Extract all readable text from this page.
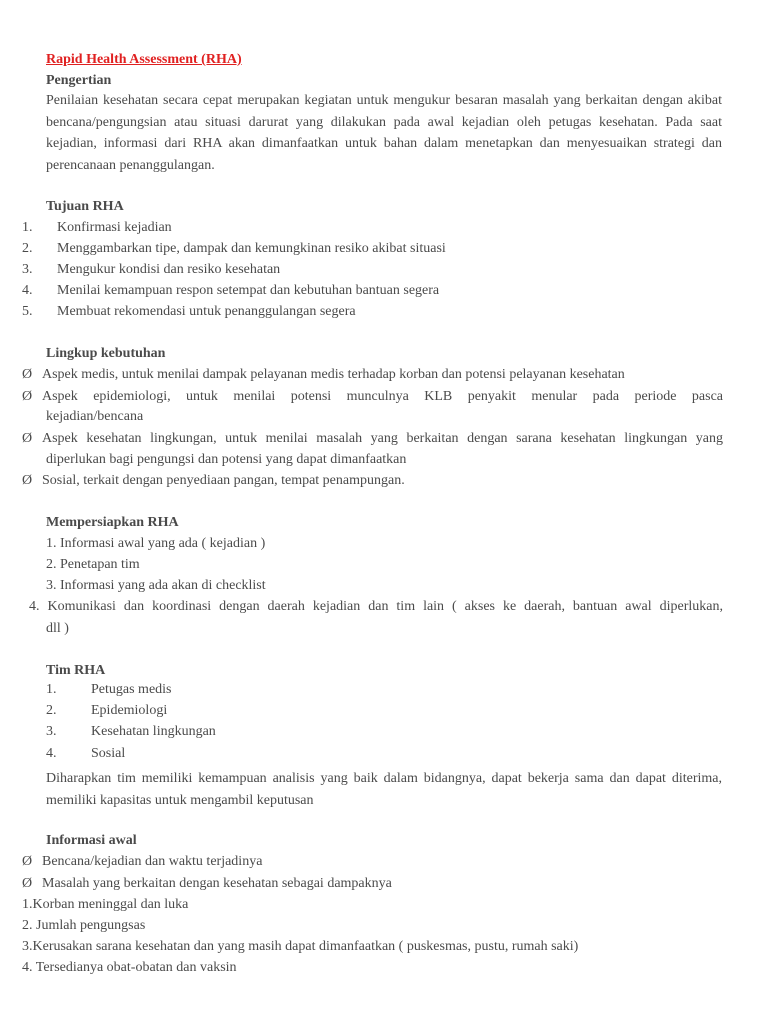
Rapid Health Assessment (RHA)
Pengertian
Penilaian kesehatan secara cepat merupakan kegiatan untuk mengukur besaran masalah yang berkaitan dengan akibat bencana/pengungsian atau situasi darurat yang dilakukan pada awal kejadian oleh petugas kesehatan. Pada saat kejadian, informasi dari RHA akan dimanfaatkan untuk bahan dalam menetapkan dan menyesuaikan strategi dan perencanaan penanggulangan.
Tujuan RHA
1. Konfirmasi kejadian
2. Menggambarkan tipe, dampak dan kemungkinan resiko akibat situasi
3. Mengukur kondisi dan resiko kesehatan
4. Menilai kemampuan respon setempat dan kebutuhan bantuan segera
5. Membuat rekomendasi untuk penanggulangan segera
Lingkup kebutuhan
Ø Aspek medis, untuk menilai dampak pelayanan medis terhadap korban dan potensi pelayanan kesehatan
Ø Aspek epidemiologi, untuk menilai potensi munculnya KLB penyakit menular pada periode pasca
kejadian/bencana
Ø Aspek kesehatan lingkungan, untuk menilai masalah yang berkaitan dengan sarana kesehatan lingkungan yang
diperlukan bagi pengungsi dan potensi yang dapat dimanfaatkan
Ø Sosial, terkait dengan penyediaan pangan, tempat penampungan.
Mempersiapkan RHA
1. Informasi awal yang ada ( kejadian )
2. Penetapan tim
3. Informasi yang ada akan di checklist
4. Komunikasi dan koordinasi dengan daerah kejadian dan tim lain ( akses ke daerah, bantuan awal diperlukan,
dll )
Tim RHA
1. Petugas medis
2. Epidemiologi
3. Kesehatan lingkungan
4. Sosial
Diharapkan tim memiliki kemampuan analisis yang baik dalam bidangnya, dapat bekerja sama dan dapat diterima, memiliki kapasitas untuk mengambil keputusan
Informasi awal
Ø Bencana/kejadian dan waktu terjadinya
Ø Masalah yang berkaitan dengan kesehatan sebagai dampaknya
1.Korban meninggal dan luka
2. Jumlah pengungsas
3.Kerusakan sarana kesehatan dan yang masih dapat dimanfaatkan ( puskesmas, pustu, rumah saki)
4. Tersedianya obat-obatan dan vaksin
